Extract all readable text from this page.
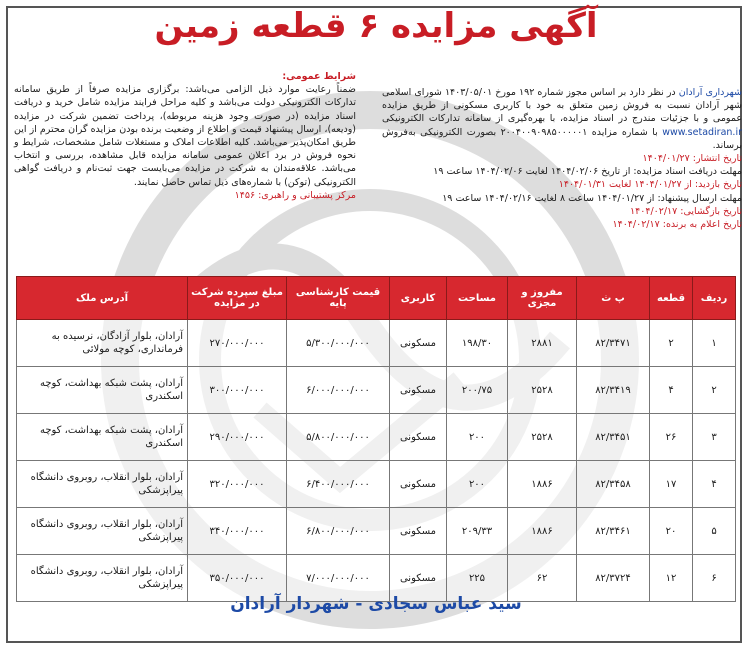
آگهی مزایده ۶ قطعه زمین

شهرداری آرادان در نظر دارد بر اساس مجوز شماره ۱۹۲ مورخ ۱۴۰۳/۰۵/۰۱ شورای اسلامی شهر آرادان نسبت به فروش زمین متعلق به خود با کاربری مسکونی از طریق مزایده عمومی و با جزئیات مندرج در اسناد مزایده، با بهره‌گیری از سامانه تدارکات الکترونیکی www.setadiran.ir با شماره مزایده ۲۰۰۴۰۰۹۰۹۸۵۰۰۰۰۰۱ بصورت الکترونیکی به‌فروش برساند.

تاریخ انتشار: ۱۴۰۴/۰۱/۲۷

مهلت دریافت اسناد مزایده: از تاریخ ۱۴۰۴/۰۲/۰۶ لغایت ۱۴۰۴/۰۲/۰۶ ساعت ۱۹

تاریخ بازدید: از ۱۴۰۴/۰۱/۲۷ لغایت ۱۴۰۴/۰۱/۳۱

مهلت ارسال پیشنهاد: از ۱۴۰۴/۰۱/۲۷ ساعت ۸ لغایت ۱۴۰۴/۰۲/۱۶ ساعت ۱۹

تاریخ بازگشایی: ۱۴۰۴/۰۲/۱۷

تاریخ اعلام به برنده: ۱۴۰۴/۰۲/۱۷

شرایط عمومی:

ضمناً رعایت موارد ذیل الزامی می‌باشد: برگزاری مزایده صرفاً از طریق سامانه تدارکات الکترونیکی دولت می‌باشد و کلیه مراحل فرایند مزایده شامل خرید و دریافت اسناد مزایده (در صورت وجود هزینه مربوطه)، پرداخت تضمین شرکت در مزایده (ودیعه)، ارسال پیشنهاد قیمت و اطلاع از وضعیت برنده بودن مزایده گران محترم از این طریق امکان‌پذیر می‌باشد. کلیه اطلاعات املاک و مستغلات شامل مشخصات، شرایط و نحوه فروش در برد اعلان عمومی سامانه مزایده قابل مشاهده، بررسی و انتخاب می‌باشد. علاقه‌مندان به شرکت در مزایده می‌بایست جهت ثبت‌نام و دریافت گواهی الکترونیکی (توکن) با شماره‌های ذیل تماس حاصل نمایند.

مرکز پشتیبانی و راهبری: ۱۴۵۶

ردیف	قطعه	پ ث	مفروز و مجزی	مساحت	کاربری	قیمت کارشناسی پایه	مبلغ سپرده شرکت در مزایده	آدرس ملک
۱	۲	۸۲/۳۴۷۱	۲۸۸۱	۱۹۸/۳۰	مسکونی	۵/۳۰۰/۰۰۰/۰۰۰	۲۷۰/۰۰۰/۰۰۰	آرادان، بلوار آزادگان، نرسیده به فرمانداری، کوچه مولائی
۲	۴	۸۲/۳۴۱۹	۲۵۲۸	۲۰۰/۷۵	مسکونی	۶/۰۰۰/۰۰۰/۰۰۰	۳۰۰/۰۰۰/۰۰۰	آرادان، پشت شبکه بهداشت، کوچه اسکندری
۳	۲۶	۸۲/۳۴۵۱	۲۵۲۸	۲۰۰	مسکونی	۵/۸۰۰/۰۰۰/۰۰۰	۲۹۰/۰۰۰/۰۰۰	آرادان، پشت شبکه بهداشت، کوچه اسکندری
۴	۱۷	۸۲/۳۴۵۸	۱۸۸۶	۲۰۰	مسکونی	۶/۴۰۰/۰۰۰/۰۰۰	۳۲۰/۰۰۰/۰۰۰	آرادان، بلوار انقلاب، روبروی دانشگاه پیراپزشکی
۵	۲۰	۸۲/۳۴۶۱	۱۸۸۶	۲۰۹/۳۳	مسکونی	۶/۸۰۰/۰۰۰/۰۰۰	۳۴۰/۰۰۰/۰۰۰	آرادان، بلوار انقلاب، روبروی دانشگاه پیراپزشکی
۶	۱۲	۸۲/۳۷۲۴	۶۲	۲۲۵	مسکونی	۷/۰۰۰/۰۰۰/۰۰۰	۳۵۰/۰۰۰/۰۰۰	آرادان، بلوار انقلاب، روبروی دانشگاه پیراپزشکی
سید عباس سجادی - شهردار آرادان
